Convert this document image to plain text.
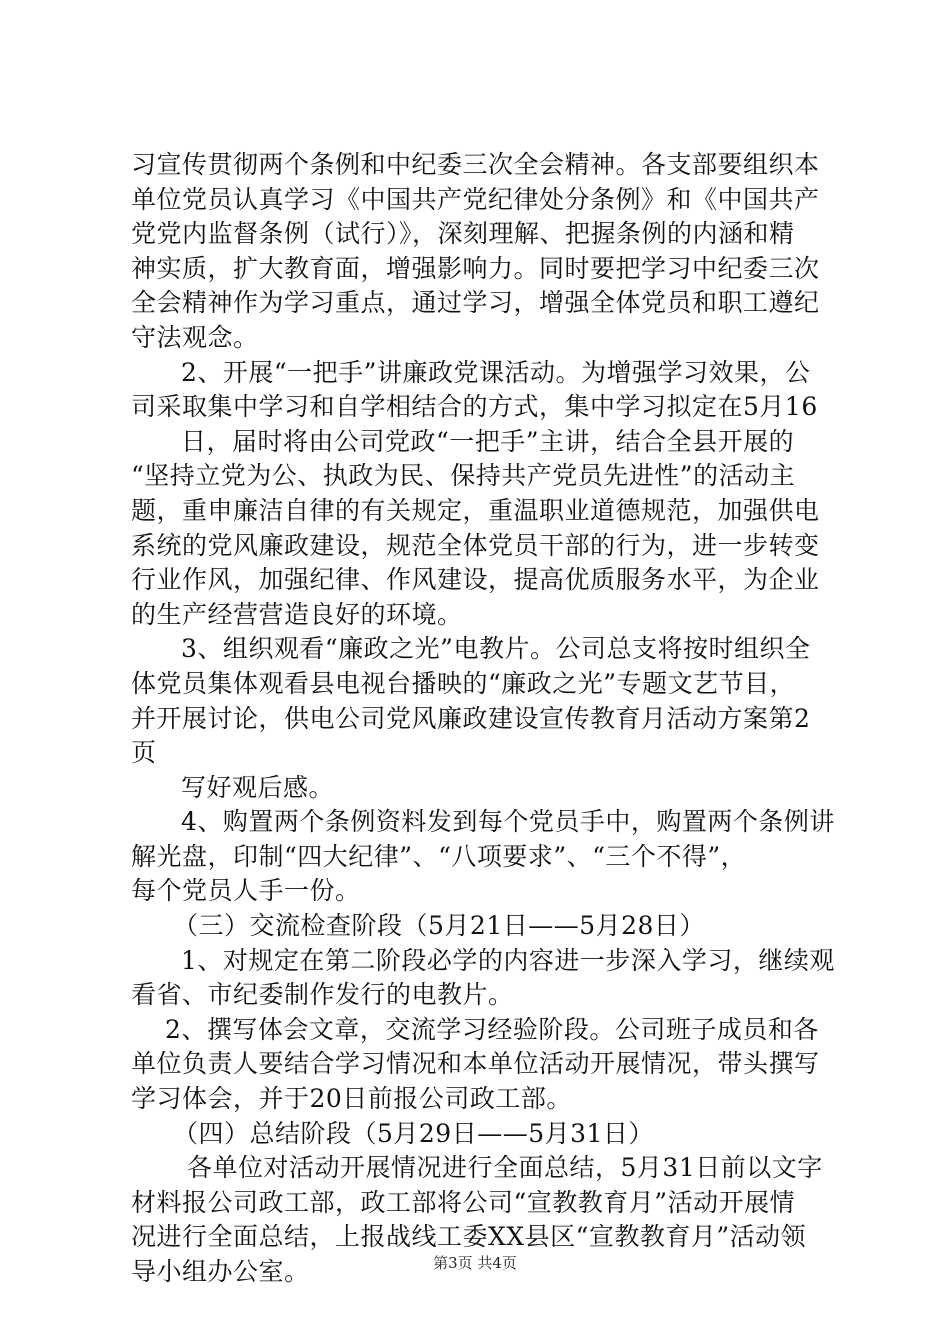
习宣传贯彻两个条例和中纪委三次全会精神。各支部要组织本
单位党员认真学习《中国共产党纪律处分条例》和《中国共产
党党内监督条例（试行）》，深刻理解、把握条例的内涵和精
神实质，扩大教育面，增强影响力。同时要把学习中纪委三次
全会精神作为学习重点，通过学习，增强全体党员和职工遵纪
守法观念。
2、开展“一把手”讲廉政党课活动。为增强学习效果，公
司采取集中学习和自学相结合的方式，集中学习拟定在5月16
日，届时将由公司党政“一把手”主讲，结合全县开展的
“坚持立党为公、执政为民、保持共产党员先进性”的活动主
题，重申廉洁自律的有关规定，重温职业道德规范，加强供电
系统的党风廉政建设，规范全体党员干部的行为，进一步转变
行业作风，加强纪律、作风建设，提高优质服务水平，为企业
的生产经营营造良好的环境。
3、组织观看“廉政之光”电教片。公司总支将按时组织全
体党员集体观看县电视台播映的“廉政之光”专题文艺节目，
并开展讨论，供电公司党风廉政建设宣传教育月活动方案第2
页
写好观后感。
4、购置两个条例资料发到每个党员手中，购置两个条例讲
解光盘，印制“四大纪律”、“八项要求”、“三个不得”，
每个党员人手一份。
（三）交流检查阶段（5月21日——5月28日）
1、对规定在第二阶段必学的内容进一步深入学习，继续观
看省、市纪委制作发行的电教片。
2、撰写体会文章，交流学习经验阶段。公司班子成员和各
单位负责人要结合学习情况和本单位活动开展情况，带头撰写
学习体会，并于20日前报公司政工部。
（四）总结阶段（5月29日——5月31日）
各单位对活动开展情况进行全面总结，5月31日前以文字
材料报公司政工部，政工部将公司“宣教教育月”活动开展情
况进行全面总结，上报战线工委XX县区“宣教教育月”活动领
导小组办公室。	第3页 共4页
